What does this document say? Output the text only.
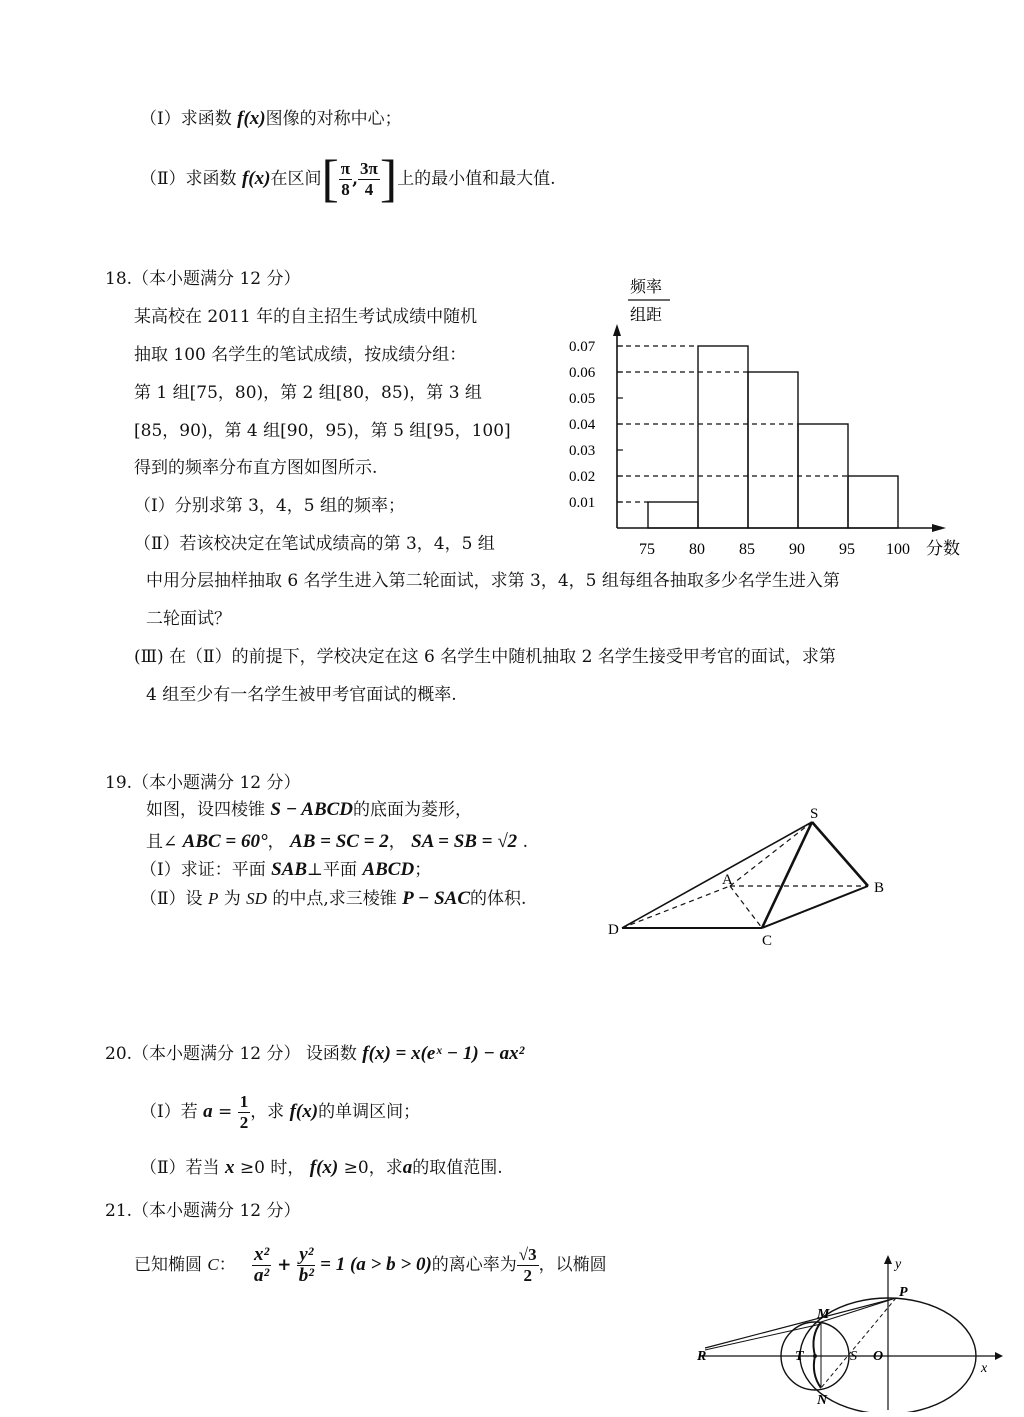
（Ⅰ）求函数 f(x)图像的对称中心；
（Ⅱ）求函数 f(x)在区间[ $\frac{\pi}{8}$ , $\frac{3\pi}{4}$ ]上的最小值和最大值.
18.（本小题满分 12 分）
某高校在 2011 年的自主招生考试成绩中随机
抽取 100 名学生的笔试成绩，按成绩分组：
第 1 组[75，80)，第 2 组[80，85)，第 3 组
[85，90)，第 4 组[90，95)，第 5 组[95，100]
得到的频率分布直方图如图所示.
（Ⅰ）分别求第 3，4，5 组的频率；
（Ⅱ）若该校决定在笔试成绩高的第 3，4，5 组
中用分层抽样抽取 6 名学生进入第二轮面试，求第 3，4，5 组每组各抽取多少名学生进入第
二轮面试？
(Ⅲ) 在（Ⅱ）的前提下，学校决定在这 6 名学生中随机抽取 2 名学生接受甲考官的面试，求第
4 组至少有一名学生被甲考官面试的概率.
0.01
0.02
0.03
0.04
0.05
0.06
0.07
75 80 85 90 95 100 分数
频率
组距
19.（本小题满分 12 分）
如图，设四棱锥 S − ABCD的底面为菱形，
且∠ ABC = 60°， AB = SC = 2， SA = SB = √2 .
（Ⅰ）求证：平面 SAB⊥平面 ABCD；
（Ⅱ）设 P 为 SD 的中点,求三棱锥 P − SAC的体积.
S
A	B
C
D
20.（本小题满分 12 分） 设函数 f(x) = x(eˣ − 1) − ax²
（Ⅰ）若 $a = \frac{1}{2}$ ，求 f(x)的单调区间；
（Ⅱ）若当 x ≥0 时， f(x) ≥0，求a的取值范围.
21.（本小题满分 12 分）
已知椭圆 C： $\frac{\text{x²}}{\text{a²}} + \frac{\text{y²}}{\text{b²}} = 1$ (a > b > 0)的离心率为 $\frac{√3}{2}$ ，以椭圆	y
x
P
M
R	T	S O
N
